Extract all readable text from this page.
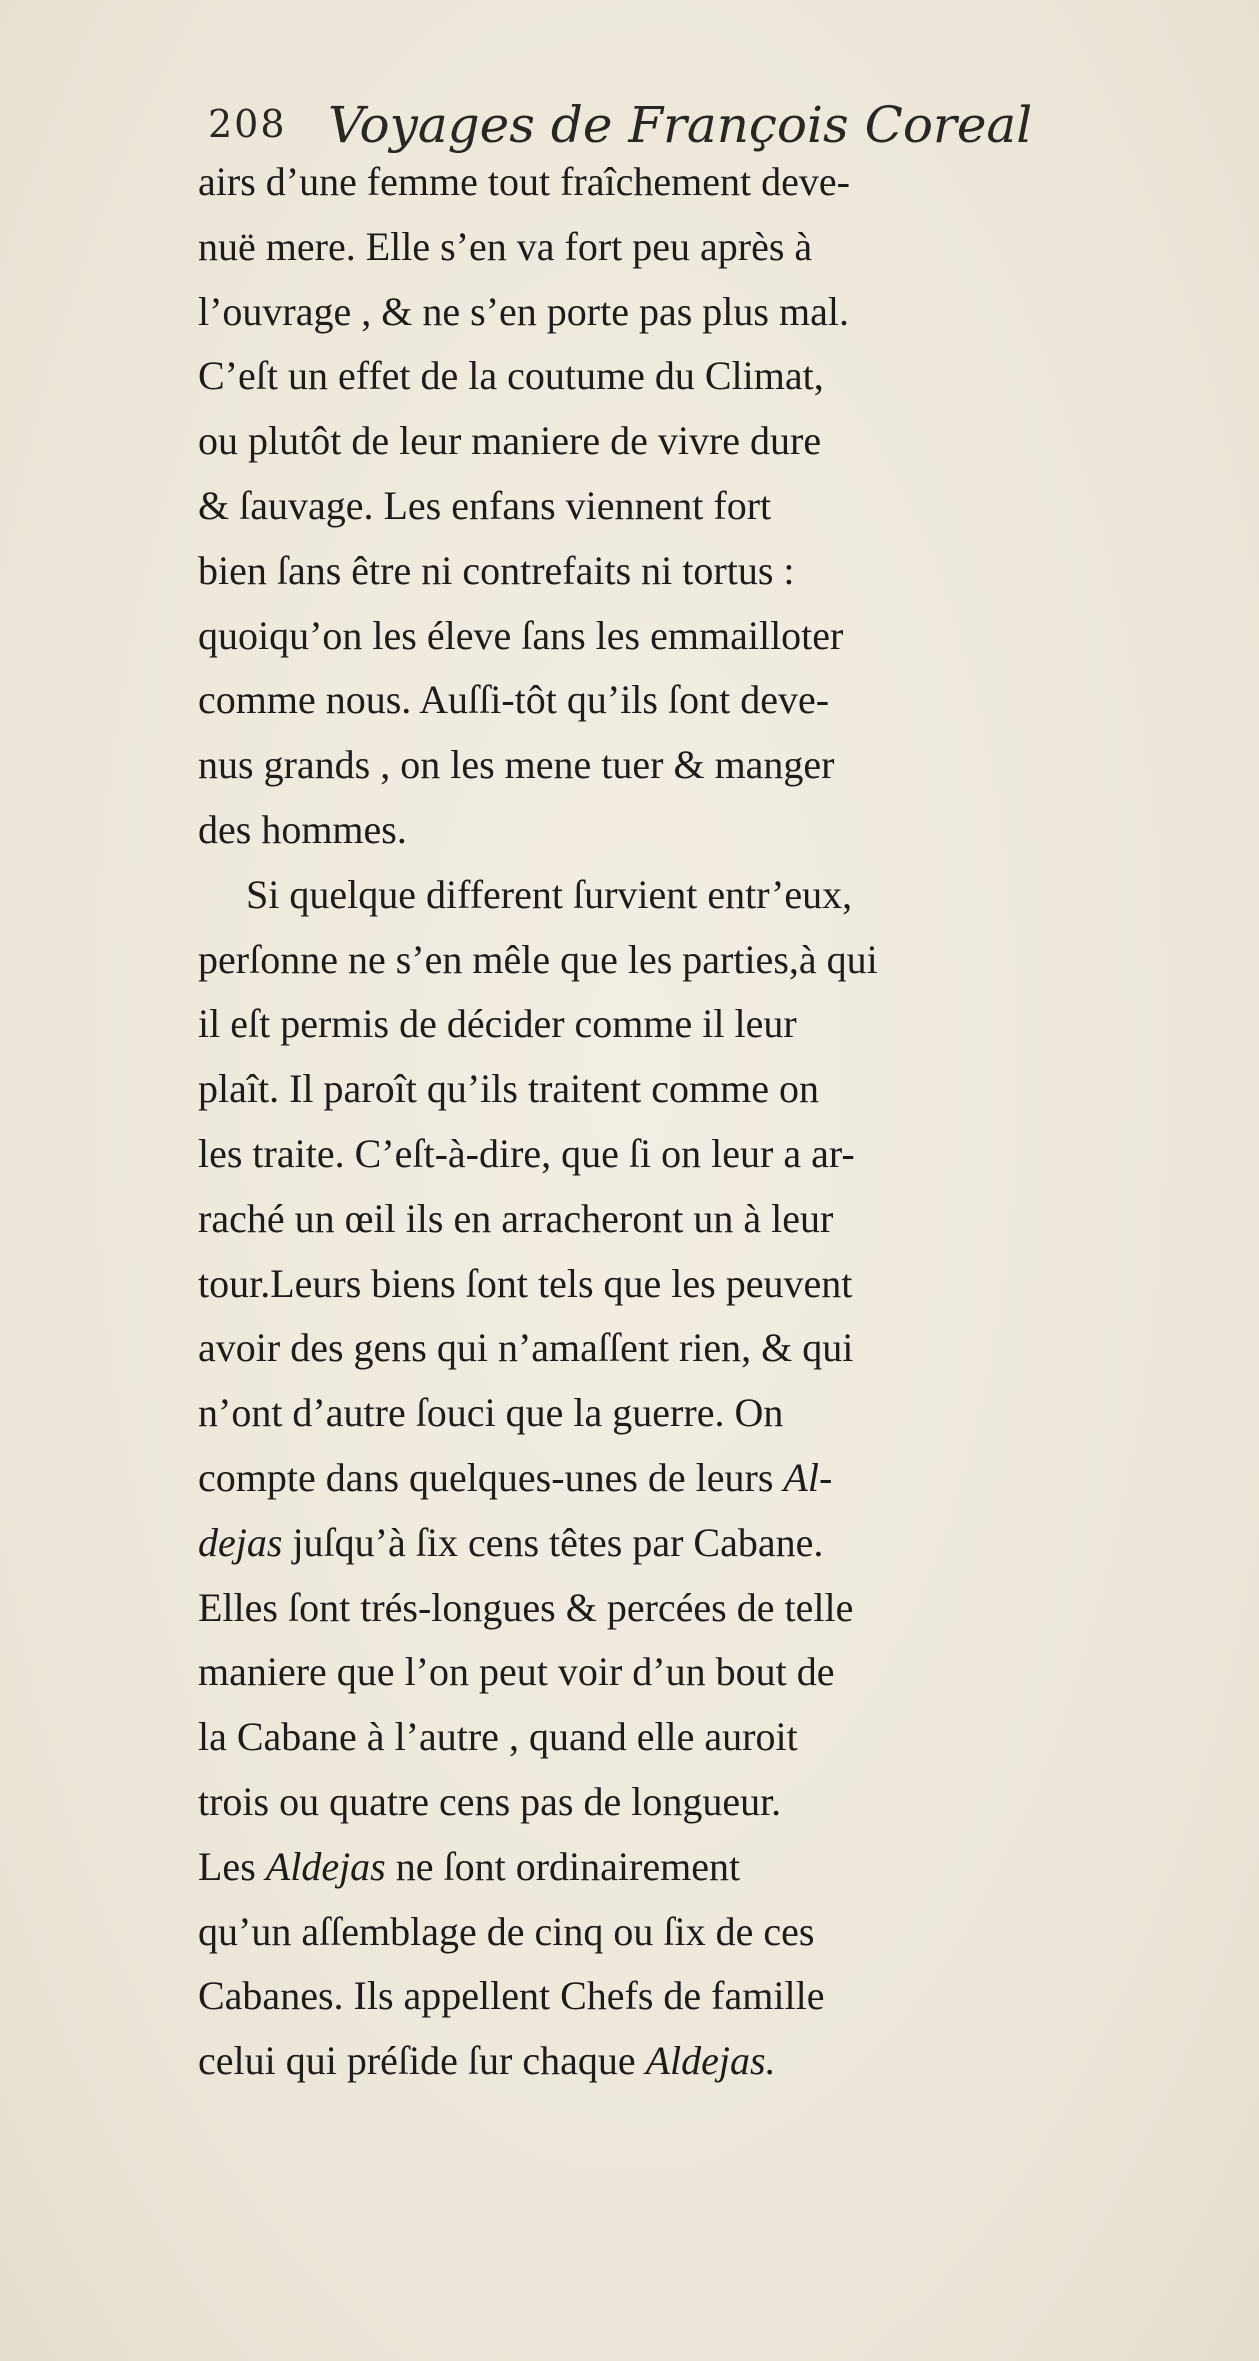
208 Voyages de François Coreal
airs d’une femme tout fraîchement deve-
nuë mere. Elle s’en va fort peu après à
l’ouvrage , & ne s’en porte pas plus mal.
C’eſt un effet de la coutume du Climat,
ou plutôt de leur maniere de vivre dure
& ſauvage. Les enfans viennent fort
bien ſans être ni contrefaits ni tortus :
quoiqu’on les éleve ſans les emmailloter
comme nous. Auſſi-tôt qu’ils ſont deve-
nus grands , on les mene tuer & manger
des hommes.
Si quelque different ſurvient entr’eux,
perſonne ne s’en mêle que les parties,à qui
il eſt permis de décider comme il leur
plaît. Il paroît qu’ils traitent comme on
les traite. C’eſt-à-dire, que ſi on leur a ar-
raché un œil ils en arracheront un à leur
tour.Leurs biens ſont tels que les peuvent
avoir des gens qui n’amaſſent rien, & qui
n’ont d’autre ſouci que la guerre. On
compte dans quelques-unes de leurs Al-
dejas juſqu’à ſix cens têtes par Cabane.
Elles ſont trés-longues & percées de telle
maniere que l’on peut voir d’un bout de
la Cabane à l’autre , quand elle auroit
trois ou quatre cens pas de longueur.
Les Aldejas ne ſont ordinairement
qu’un aſſemblage de cinq ou ſix de ces
Cabanes. Ils appellent Chefs de famille
celui qui préſide ſur chaque Aldejas.
